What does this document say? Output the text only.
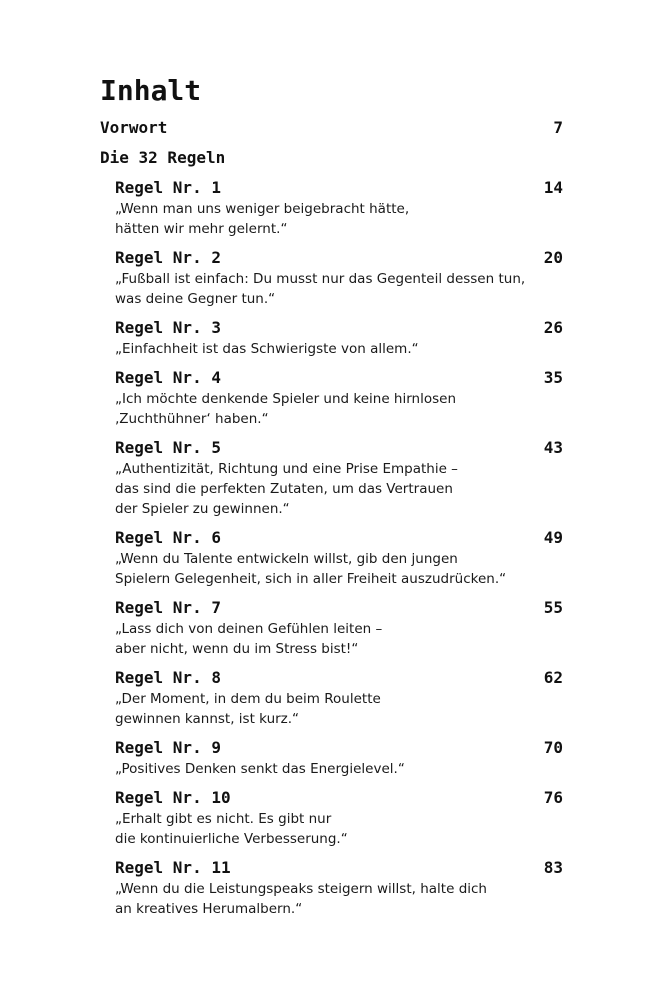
Inhalt
Vorwort	7
Die 32 Regeln
Regel Nr. 1	14
„Wenn man uns weniger beigebracht hätte,
hätten wir mehr gelernt.“
Regel Nr. 2	20
„Fußball ist einfach: Du musst nur das Gegenteil dessen tun,
was deine Gegner tun.“
Regel Nr. 3	26
„Einfachheit ist das Schwierigste von allem.“
Regel Nr. 4	35
„Ich möchte denkende Spieler und keine hirnlosen
‚Zuchthühner‘ haben.“
Regel Nr. 5	43
„Authentizität, Richtung und eine Prise Empathie –
das sind die perfekten Zutaten, um das Vertrauen
der Spieler zu gewinnen.“
Regel Nr. 6	49
„Wenn du Talente entwickeln willst, gib den jungen
Spielern Gelegenheit, sich in aller Freiheit auszudrücken.“
Regel Nr. 7	55
„Lass dich von deinen Gefühlen leiten –
aber nicht, wenn du im Stress bist!“
Regel Nr. 8	62
„Der Moment, in dem du beim Roulette
gewinnen kannst, ist kurz.“
Regel Nr. 9	70
„Positives Denken senkt das Energielevel.“
Regel Nr. 10	76
„Erhalt gibt es nicht. Es gibt nur
die kontinuierliche Verbesserung.“
Regel Nr. 11	83
„Wenn du die Leistungspeaks steigern willst, halte dich
an kreatives Herumalbern.“
